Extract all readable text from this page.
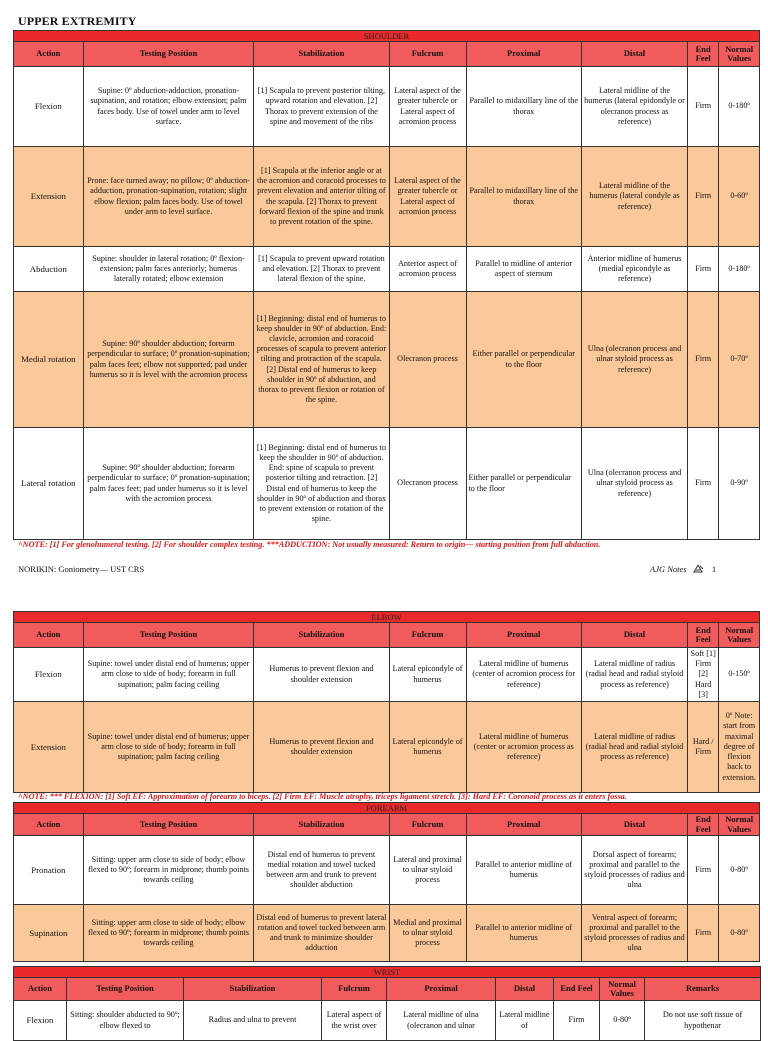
UPPER EXTREMITY
SHOULDER							
Action	Testing Position	Stabilization	Fulcrum	Proximal	Distal	End Feel	Normal Values
Flexion	Supine: 0º abduction-adduction, pronation-supination, and rotation; elbow extension; palm faces body. Use of towel under arm to level surface.	[1] Scapula to prevent posterior tilting, upward rotation and elevation. [2] Thorax to prevent extension of the spine and movement of the ribs	Lateral aspect of the greater tubercle or Lateral aspect of acromion process	Parallel to midaxillary line of the thorax	Lateral midline of the humerus (lateral epidondyle or olecranon process as reference)	Firm	0-180º
Extension	Prone: face turned away; no pillow; 0º abduction-adduction, pronation-supination, rotation; slight elbow flexion; palm faces body. Use of towel under arm to level surface.	[1] Scapula at the inferior angle or at the acromion and coracoid processes to prevent elevation and anterior tilting of the scapula. [2] Thorax to prevent forward flexion of the spine and trunk to prevent rotation of the spine.	Lateral aspect of the greater tubercle or Lateral aspect of acromion process	Parallel to midaxillary line of the thorax	Lateral midline of the humerus (lateral condyle as reference)	Firm	0-60º
Abduction	Supine: shoulder in lateral rotation; 0º flexion-extension; palm faces anteriorly; humerus laterally rotated; elbow extension	[1] Scapula to prevent upward rotation and elevation. [2] Thorax to prevent lateral flexion of the spine.	Anterior aspect of acromion process	Parallel to midline of anterior aspect of sternum	Anterior midline of humerus (medial epicondyle as reference)	Firm	0-180º
Medial rotation	Supine: 90º shoulder abduction; forearm perpendicular to surface; 0º pronation-supination; palm faces feet; elbow not supported; pad under humerus so it is level with the acromion process	[1] Beginning: distal end of humerus to keep shoulder in 90º of abduction. End: clavicle, acromion and coracoid processes of scapula to prevent anterior tilting and protraction of the scapula. [2] Distal end of humerus to keep shoulder in 90º of abduction, and thorax to prevent flexion or rotation of the spine.	Olecranon process	Either parallel or perpendicular to the floor	Ulna (olecranon process and ulnar styloid process as reference)	Firm	0-70º
Lateral rotation	Supine: 90º shoulder abduction; forearm perpendicular to surface; 0º pronation-supination; palm faces feet; pad under humerus so it is level with the acromion process	[1] Beginning: distal end of humerus to keep the shoulder in 90º of abduction. End: spine of scapula to prevent posterior tilting and retraction. [2] Distal end of humerus to keep the shoulder in 90º of abduction and thorax to prevent extension or rotation of the spine.	Olecranon process	Either parallel or perpendicular to the floor	Ulna (olecranon process and ulnar styloid process as reference)	Firm	0-90º
^NOTE: [1] For glenohumeral testing. [2] For shoulder complex testing. ***ADDUCTION: Not usually measured: Return to origin— starting position from full abduction.
NORIKIN: Goniometry— UST CRS	AJG Notes	1
ELBOW							
Action	Testing Position	Stabilization	Fulcrum	Proximal	Distal	End Feel	Normal Values
Flexion	Supine: towel under distal end of humerus; upper arm close to side of body; forearm in full supination; palm facing ceiling	Humerus to prevent flexion and shoulder extension	Lateral epicondyle of humerus	Lateral midline of humerus (center of acromion process for reference)	Lateral midline of radius (radial head and radial styloid process as reference)	Soft [1] Firm [2] Hard [3]	0-150º
Extension	Supine: towel under distal end of humerus; upper arm close to side of body; forearm in full supination; palm facing ceiling	Humerus to prevent flexion and shoulder extension	Lateral epicondyle of humerus	Lateral midline of humerus (center or acromion process as reference)	Lateral midline of radius (radial head and radial styloid process as reference)	Hard / Firm	0º Note: start from maximal degree of flexion back to extension.
^NOTE: *** FLEXION: [1] Soft EF: Approximation of forearm to biceps. [2] Firm EF: Muscle atrophy, triceps ligament stretch. [3]: Hard EF: Coronoid process as it enters fossa.
FOREARM							
Action	Testing Position	Stabilization	Fulcrum	Proximal	Distal	End Feel	Normal Values
Pronation	Sitting: upper arm close to side of body; elbow flexed to 90º; forearm in midprone; thumb points towards ceiling	Distal end of humerus to prevent medial rotation and towel tucked between arm and trunk to prevent shoulder abduction	Lateral and proximal to ulnar styloid process	Parallel to anterior midline of humerus	Dorsal aspect of forearm; proximal and parallel to the styloid processes of radius and ulna	Firm	0-80º
Supination	Sitting: upper arm close to side of body; elbow flexed to 90º; forearm in midprone; thumb points towards ceiling	Distal end of humerus to prevent lateral rotation and towel tucked between arm and trunk to minimize shoulder adduction	Medial and proximal to ulnar styloid process	Parallel to anterior midline of humerus	Ventral aspect of forearm; proximal and parallel to the styloid processes of radius and ulna	Firm	0-80º
WRIST								
Action	Testing Position	Stabilization	Fulcrum	Proximal	Distal	End Feel	Normal Values	Remarks
Flexion	Sitting: shoulder abducted to 90º; elbow flexed to	Radius and ulna to prevent	Lateral aspect of the wrist over	Lateral midline of ulna (olecranon and ulnar	Lateral midline of	Firm	0-80º	Do not use soft tissue of hypothenar
